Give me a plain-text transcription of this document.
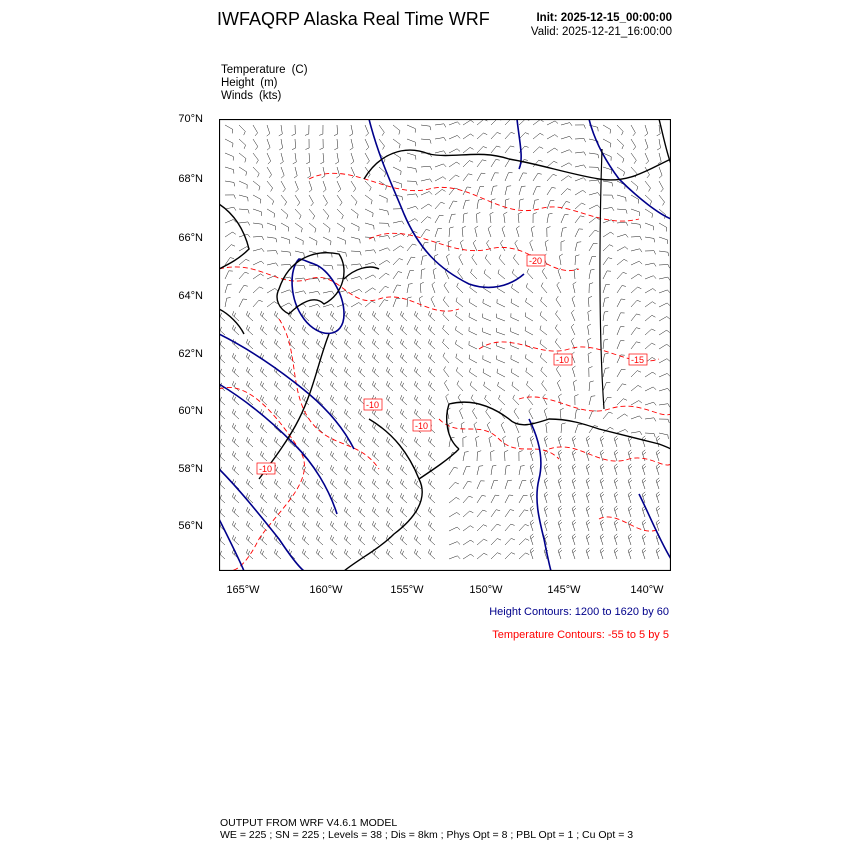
IWFAQRP Alaska Real Time WRF	Init: 2025-12-15_00:00:00
Valid: 2025-12-21_16:00:00
Temperature (C)
Height (m)
Winds (kts)
70°N
68°N
66°N
64°N
62°N
60°N
58°N
56°N
165°W	160°W	155°W	150°W	145°W	140°W
-20
-10
-10
-10
-10	-15
Height Contours: 1200 to 1620 by 60
Temperature Contours: -55 to 5 by 5
OUTPUT FROM WRF V4.6.1 MODEL
WE = 225 ; SN = 225 ; Levels = 38 ; Dis = 8km ; Phys Opt = 8 ; PBL Opt = 1 ; Cu Opt = 3
